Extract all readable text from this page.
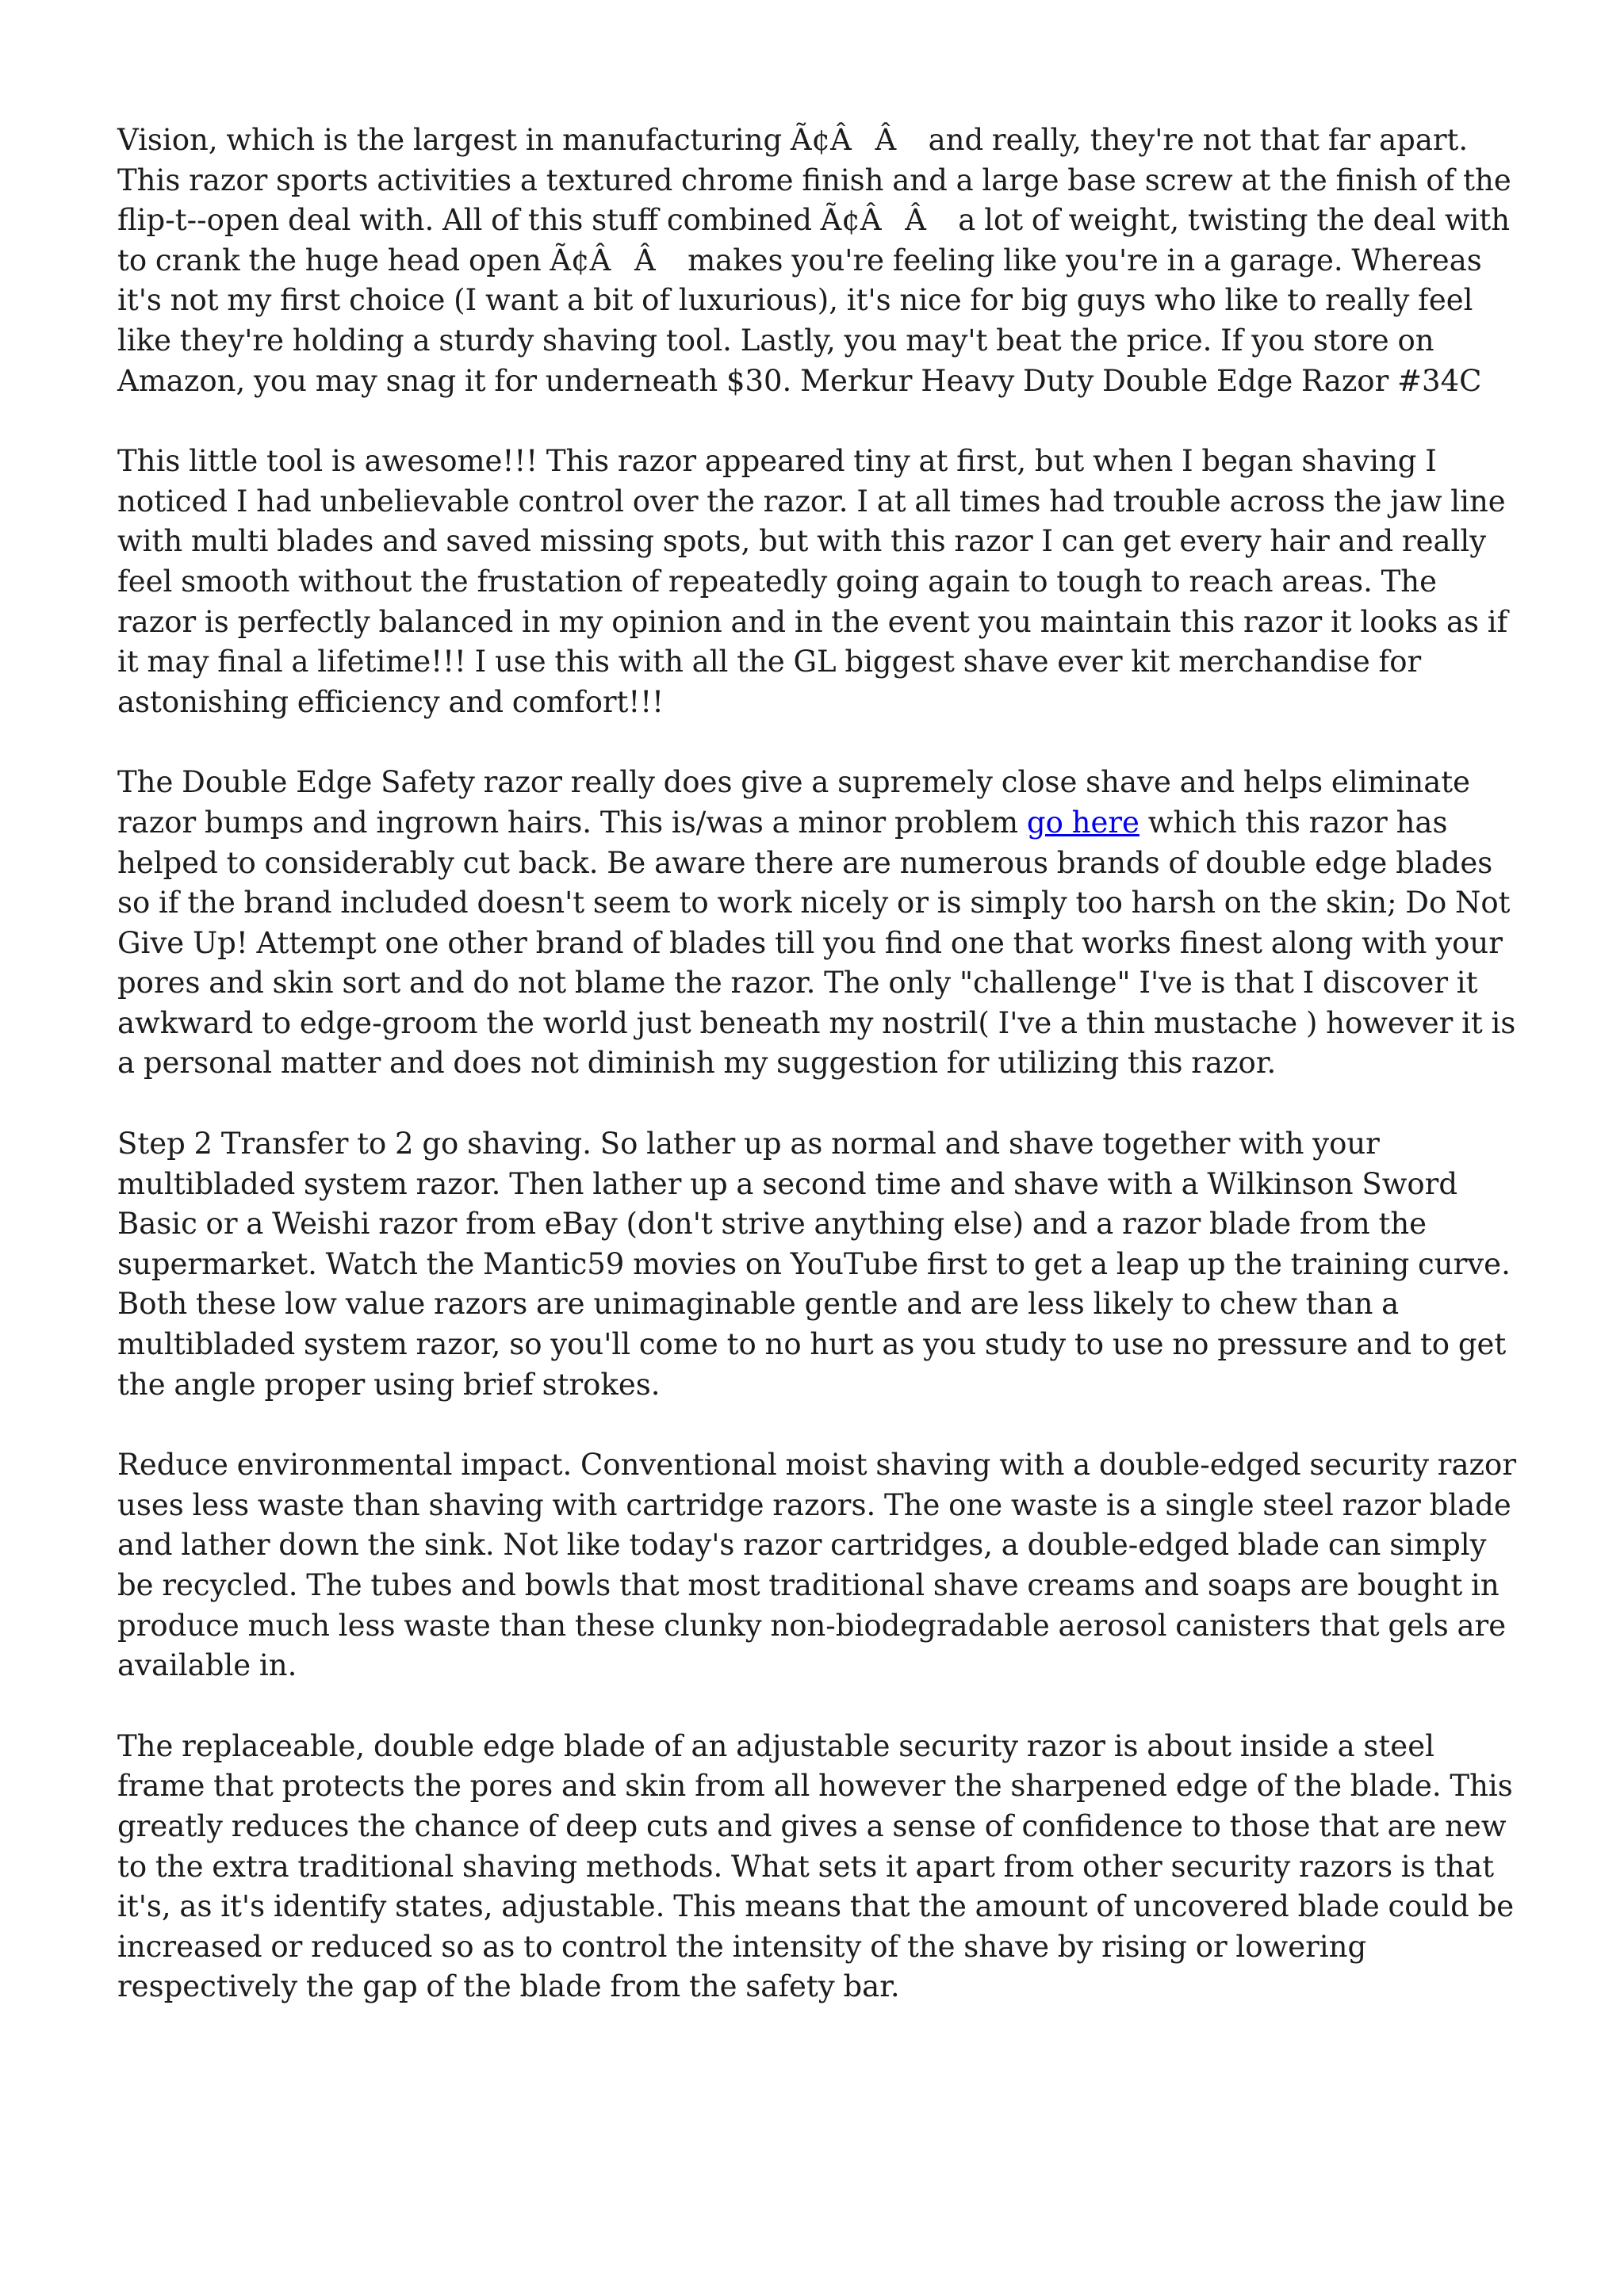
Vision, which is the largest in manufacturing Ã¢ÂÂ and really, they're not that far apart. This razor sports activities a textured chrome finish and a large base screw at the finish of the flip-t--open deal with. All of this stuff combined Ã¢ÂÂ a lot of weight, twisting the deal with to crank the huge head open Ã¢ÂÂ makes you're feeling like you're in a garage. Whereas it's not my first choice (I want a bit of luxurious), it's nice for big guys who like to really feel like they're holding a sturdy shaving tool. Lastly, you may't beat the price. If you store on Amazon, you may snag it for underneath $30. Merkur Heavy Duty Double Edge Razor #34C

This little tool is awesome!!! This razor appeared tiny at first, but when I began shaving I noticed I had unbelievable control over the razor. I at all times had trouble across the jaw line with multi blades and saved missing spots, but with this razor I can get every hair and really feel smooth without the frustation of repeatedly going again to tough to reach areas. The razor is perfectly balanced in my opinion and in the event you maintain this razor it looks as if it may final a lifetime!!! I use this with all the GL biggest shave ever kit merchandise for astonishing efficiency and comfort!!!

The Double Edge Safety razor really does give a supremely close shave and helps eliminate razor bumps and ingrown hairs. This is/was a minor problem go here which this razor has helped to considerably cut back. Be aware there are numerous brands of double edge blades so if the brand included doesn't seem to work nicely or is simply too harsh on the skin; Do Not Give Up! Attempt one other brand of blades till you find one that works finest along with your pores and skin sort and do not blame the razor. The only "challenge" I've is that I discover it awkward to edge-groom the world just beneath my nostril( I've a thin mustache ) however it is a personal matter and does not diminish my suggestion for utilizing this razor.

Step 2 Transfer to 2 go shaving. So lather up as normal and shave together with your multibladed system razor. Then lather up a second time and shave with a Wilkinson Sword Basic or a Weishi razor from eBay (don't strive anything else) and a razor blade from the supermarket. Watch the Mantic59 movies on YouTube first to get a leap up the training curve. Both these low value razors are unimaginable gentle and are less likely to chew than a multibladed system razor, so you'll come to no hurt as you study to use no pressure and to get the angle proper using brief strokes.

Reduce environmental impact. Conventional moist shaving with a double-edged security razor uses less waste than shaving with cartridge razors. The one waste is a single steel razor blade and lather down the sink. Not like today's razor cartridges, a double-edged blade can simply be recycled. The tubes and bowls that most traditional shave creams and soaps are bought in produce much less waste than these clunky non-biodegradable aerosol canisters that gels are available in.

The replaceable, double edge blade of an adjustable security razor is about inside a steel frame that protects the pores and skin from all however the sharpened edge of the blade. This greatly reduces the chance of deep cuts and gives a sense of confidence to those that are new to the extra traditional shaving methods. What sets it apart from other security razors is that it's, as it's identify states, adjustable. This means that the amount of uncovered blade could be increased or reduced so as to control the intensity of the shave by rising or lowering respectively the gap of the blade from the safety bar.
